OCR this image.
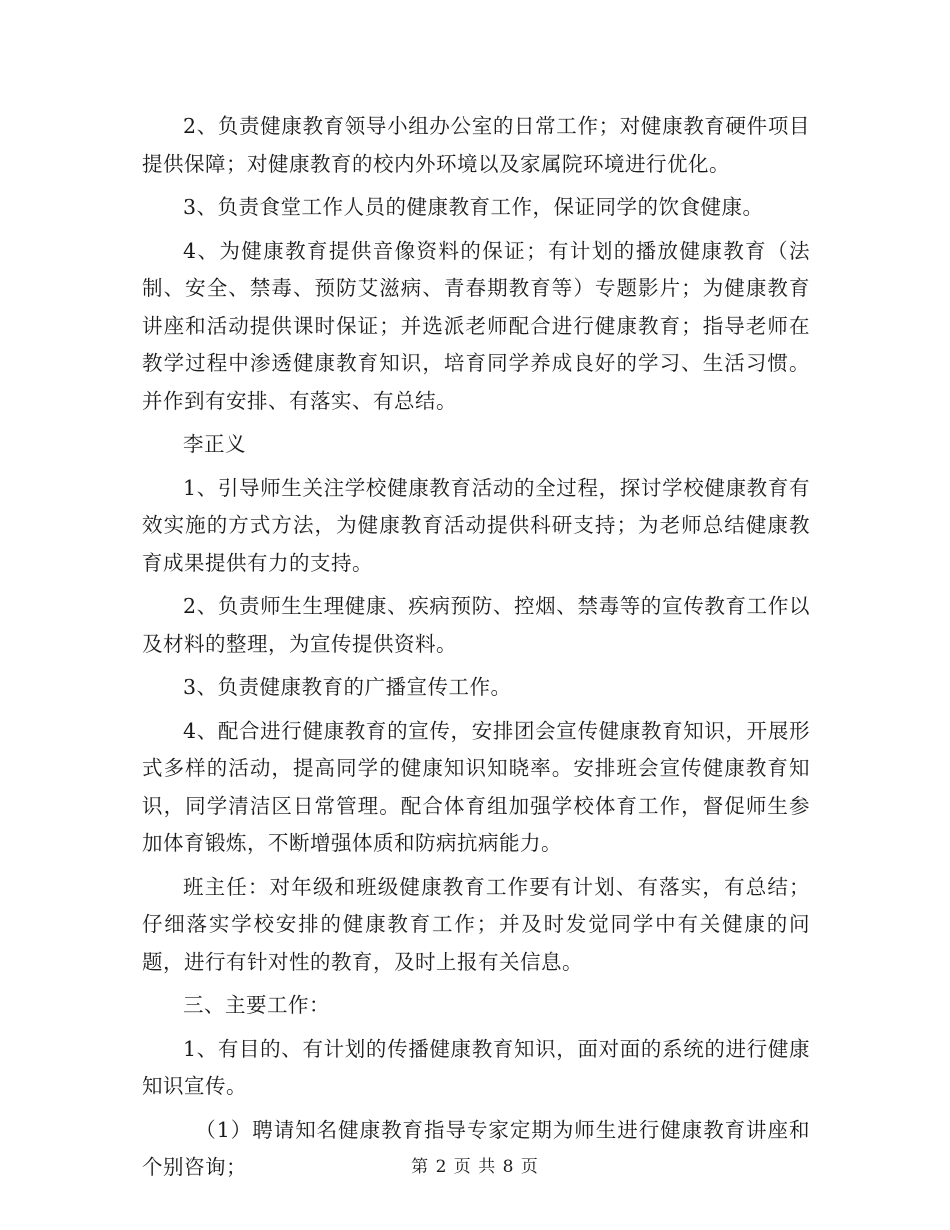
2、负责健康教育领导小组办公室的日常工作；对健康教育硬件项目提供保障；对健康教育的校内外环境以及家属院环境进行优化。

3、负责食堂工作人员的健康教育工作，保证同学的饮食健康。

4、为健康教育提供音像资料的保证；有计划的播放健康教育（法制、安全、禁毒、预防艾滋病、青春期教育等）专题影片；为健康教育讲座和活动提供课时保证；并选派老师配合进行健康教育；指导老师在教学过程中渗透健康教育知识，培育同学养成良好的学习、生活习惯。并作到有安排、有落实、有总结。

李正义

1、引导师生关注学校健康教育活动的全过程，探讨学校健康教育有效实施的方式方法，为健康教育活动提供科研支持；为老师总结健康教育成果提供有力的支持。

2、负责师生生理健康、疾病预防、控烟、禁毒等的宣传教育工作以 及材料的整理，为宣传提供资料。

3、负责健康教育的广播宣传工作。

4、配合进行健康教育的宣传，安排团会宣传健康教育知识，开展形式多样的活动，提高同学的健康知识知晓率。安排班会宣传健康教育知识，同学清洁区日常管理。配合体育组加强学校体育工作，督促师生参加体育锻炼，不断增强体质和防病抗病能力。

班主任：对年级和班级健康教育工作要有计划、有落实，有总结；仔细落实学校安排的健康教育工作；并及时发觉同学中有关健康的问题，进行有针对性的教育，及时上报有关信息。

三、主要工作：

1、有目的、有计划的传播健康教育知识，面对面的系统的进行健康知识宣传。

（1）聘请知名健康教育指导专家定期为师生进行健康教育讲座和个别咨询；	第 2 页 共 8 页
